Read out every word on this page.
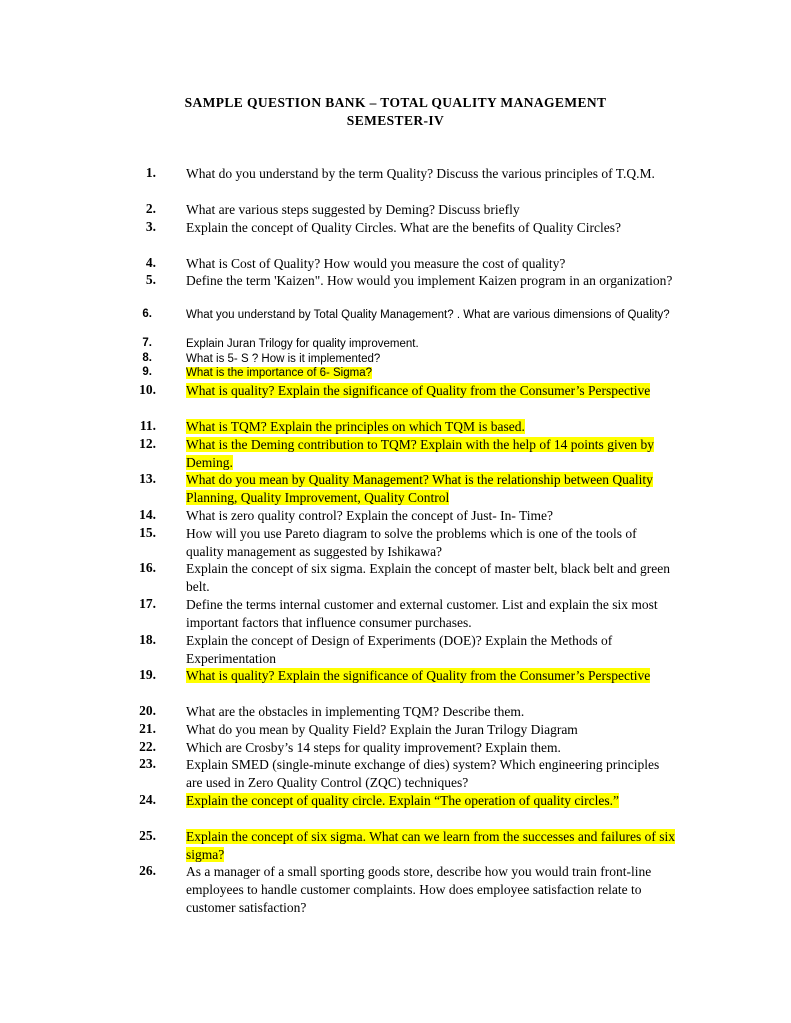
SAMPLE QUESTION BANK – TOTAL QUALITY MANAGEMENT
SEMESTER-IV
1. What do you understand by the term Quality? Discuss the various principles of T.Q.M.
2. What are various steps suggested by Deming? Discuss briefly
3. Explain the concept of Quality Circles. What are the benefits of Quality Circles?
4. What is Cost of Quality? How would you measure the cost of quality?
5. Define the term 'Kaizen". How would you implement Kaizen program in an organization?
6.	What you understand by Total Quality Management? . What are various dimensions of Quality?
7.	Explain Juran Trilogy for quality improvement.
8.	What is 5- S ? How is it implemented?
9.	What is the importance of 6- Sigma?
10. What is quality? Explain the significance of Quality from the Consumer’s Perspective
11. What is TQM? Explain the principles on which TQM is based.
12. What is the Deming contribution to TQM? Explain with the help of 14 points given by Deming.
13. What do you mean by Quality Management? What is the relationship between Quality Planning, Quality Improvement, Quality Control
14. What is zero quality control? Explain the concept of Just- In- Time?
15. How will you use Pareto diagram to solve the problems which is one of the tools of quality management as suggested by Ishikawa?
16. Explain the concept of six sigma. Explain the concept of master belt, black belt and green belt.
17. Define the terms internal customer and external customer. List and explain the six most important factors that influence consumer purchases.
18. Explain the concept of Design of Experiments (DOE)? Explain the Methods of Experimentation
19. What is quality? Explain the significance of Quality from the Consumer’s Perspective
20. What are the obstacles in implementing TQM? Describe them.
21. What do you mean by Quality Field? Explain the Juran Trilogy Diagram
22. Which are Crosby’s 14 steps for quality improvement? Explain them.
23. Explain SMED (single-minute exchange of dies) system? Which engineering principles are used in Zero Quality Control (ZQC) techniques?
24. Explain the concept of quality circle. Explain “The operation of quality circles.”
25. Explain the concept of six sigma. What can we learn from the successes and failures of six sigma?
26. As a manager of a small sporting goods store, describe how you would train front-line employees to handle customer complaints. How does employee satisfaction relate to customer satisfaction?
